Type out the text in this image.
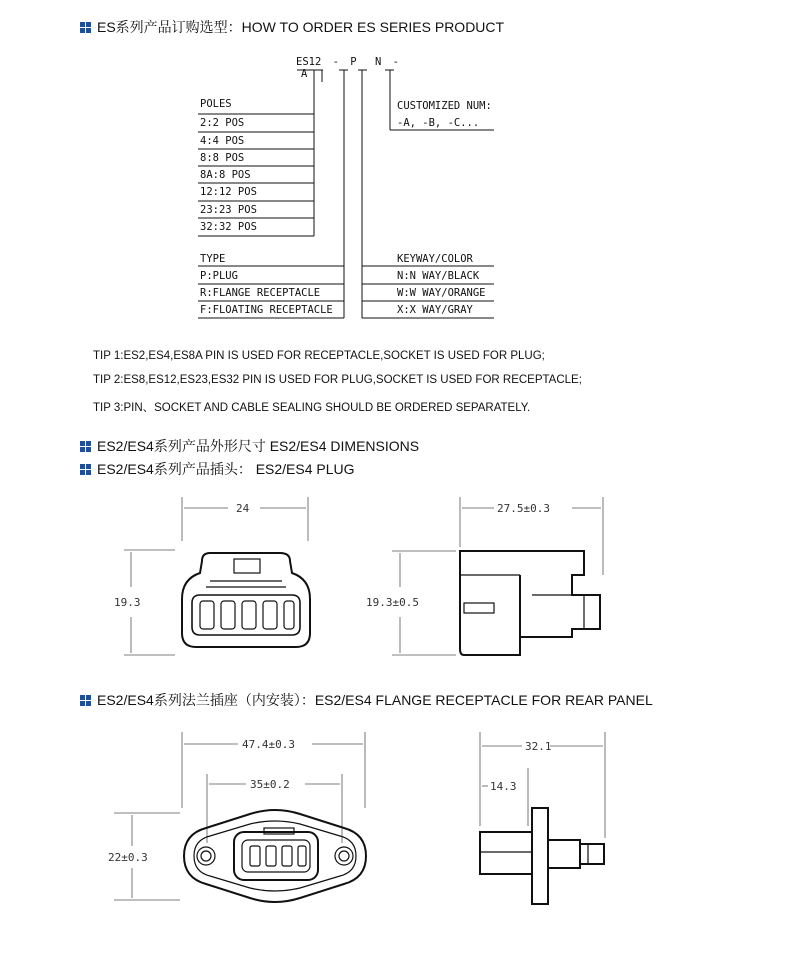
ES系列产品订购选型：HOW TO ORDER ES SERIES PRODUCT
ES12 - P N - A
POLES
2:2 POS
4:4 POS
8:8 POS
8A:8 POS
12:12 POS
23:23 POS
32:32 POS
CUSTOMIZED NUM:
-A, -B, -C...
TYPE
P:PLUG
R:FLANGE RECEPTACLE
F:FLOATING RECEPTACLE
KEYWAY/COLOR
N:N WAY/BLACK
W:W WAY/ORANGE
X:X WAY/GRAY
TIP 1:ES2,ES4,ES8A PIN IS USED FOR RECEPTACLE,SOCKET IS USED FOR PLUG;
TIP 2:ES8,ES12,ES23,ES32 PIN IS USED FOR PLUG,SOCKET IS USED FOR RECEPTACLE;
TIP 3:PIN、SOCKET AND CABLE SEALING SHOULD BE ORDERED SEPARATELY.
ES2/ES4系列产品外形尺寸 ES2/ES4 DIMENSIONS
ES2/ES4系列产品插头： ES2/ES4 PLUG
24
19.3
27.5±0.3
19.3±0.5
ES2/ES4系列法兰插座（内安装）：ES2/ES4 FLANGE RECEPTACLE FOR REAR PANEL
47.4±0.3
35±0.2
22±0.3
32.1
14.3
